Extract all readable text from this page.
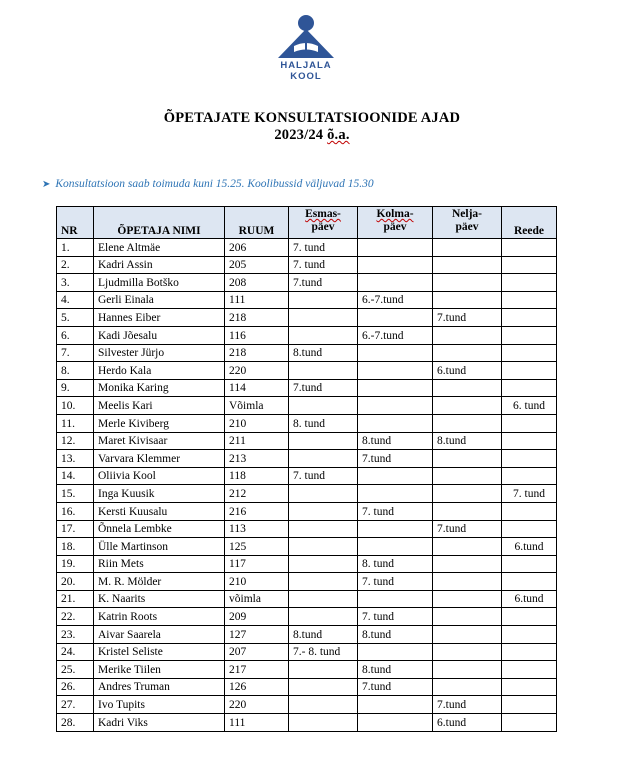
HALJALA KOOL
ÕPETAJATE KONSULTATSIOONIDE AJAD
2023/24 õ.a.
➤ Konsultatsioon saab toimuda kuni 15.25. Koolibussid väljuvad 15.30
NR	ÕPETAJA NIMI	RUUM	Esmas-
päev	Kolma-
päev	Nelja-
päev	Reede
1.	Elene Altmäe	206	7. tund			
2.	Kadri Assin	205	7. tund			
3.	Ljudmilla Botško	208	7.tund			
4.	Gerli Einala	111		6.-7.tund		
5.	Hannes Eiber	218			7.tund	
6.	Kadi Jõesalu	116		6.-7.tund		
7.	Silvester Jürjo	218	8.tund			
8.	Herdo Kala	220			6.tund	
9.	Monika Karing	114	7.tund			
10.	Meelis Kari	Võimla				6. tund
11.	Merle Kiviberg	210	8. tund			
12.	Maret Kivisaar	211		8.tund	8.tund	
13.	Varvara Klemmer	213		7.tund		
14.	Oliivia Kool	118	7. tund			
15.	Inga Kuusik	212				7. tund
16.	Kersti Kuusalu	216		7. tund		
17.	Õnnela Lembke	113			7.tund	
18.	Ülle Martinson	125				6.tund
19.	Riin Mets	117		8. tund		
20.	M. R. Mölder	210		7. tund		
21.	K. Naarits	võimla				6.tund
22.	Katrin Roots	209		7. tund		
23.	Aivar Saarela	127	8.tund	8.tund		
24.	Kristel Seliste	207	7.- 8. tund			
25.	Merike Tiilen	217		8.tund		
26.	Andres Truman	126		7.tund		
27.	Ivo Tupits	220			7.tund	
28.	Kadri Viks	111			6.tund	
